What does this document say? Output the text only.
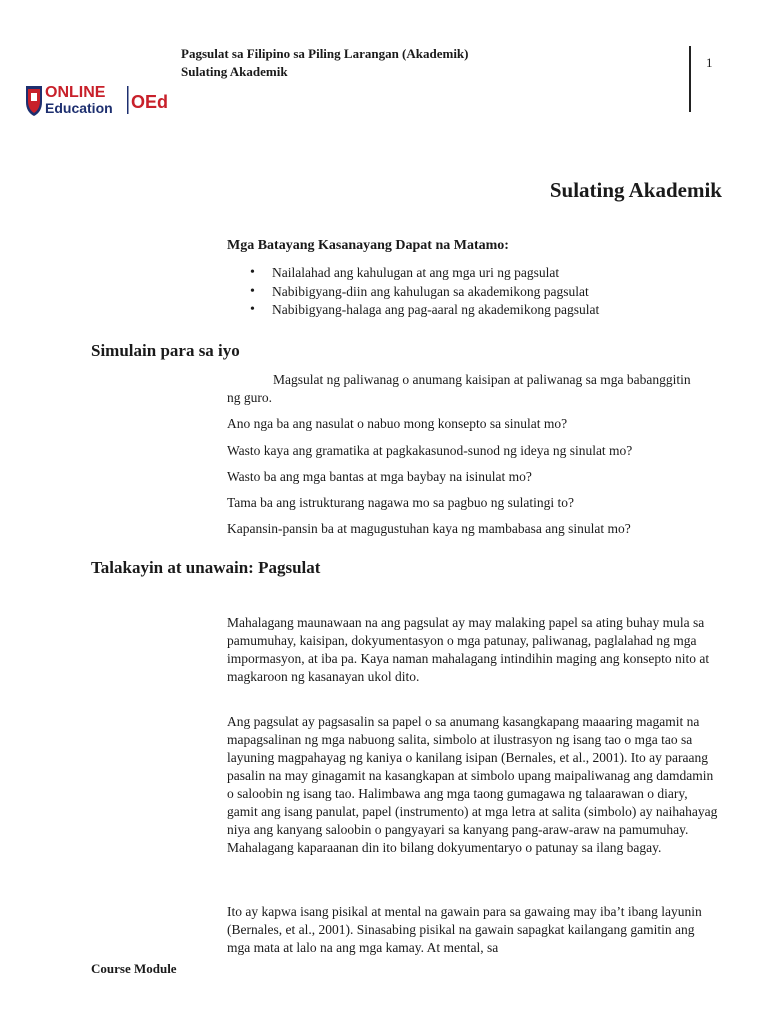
Pagsulat sa Filipino sa Piling Larangan (Akademik)
Sulating Akademik
1
ONLINE
Education OEd
Sulating Akademik
Mga Batayang Kasanayang Dapat na Matamo:
• Nailalahad ang kahulugan at ang mga uri ng pagsulat
• Nabibigyang-diin ang kahulugan sa akademikong pagsulat
• Nabibigyang-halaga ang pag-aaral ng akademikong pagsulat
Simulain para sa iyo

Magsulat ng paliwanag o anumang kaisipan at paliwanag sa mga babanggitin ng guro.

Ano nga ba ang nasulat o nabuo mong konsepto sa sinulat mo?

Wasto kaya ang gramatika at pagkakasunod-sunod ng ideya ng sinulat mo?

Wasto ba ang mga bantas at mga baybay na isinulat mo?

Tama ba ang istrukturang nagawa mo sa pagbuo ng sulatingi to?

Kapansin-pansin ba at magugustuhan kaya ng mambabasa ang sinulat mo?

Talakayin at unawain: Pagsulat

Mahalagang maunawaan na ang pagsulat ay may malaking papel sa ating buhay mula sa pamumuhay, kaisipan, dokyumentasyon o mga patunay, paliwanag, paglalahad ng mga impormasyon, at iba pa. Kaya naman mahalagang intindihin maging ang konsepto nito at magkaroon ng kasanayan ukol dito.

Ang pagsulat ay pagsasalin sa papel o sa anumang kasangkapang maaaring magamit na mapagsalinan ng mga nabuong salita, simbolo at ilustrasyon ng isang tao o mga tao sa layuning magpahayag ng kaniya o kanilang isipan (Bernales, et al., 2001). Ito ay paraang pasalin na may ginagamit na kasangkapan at simbolo upang maipaliwanag ang damdamin o saloobin ng isang tao. Halimbawa ang mga taong gumagawa ng talaarawan o diary, gamit ang isang panulat, papel (instrumento) at mga letra at salita (simbolo) ay naihahayag niya ang kanyang saloobin o pangyayari sa kanyang pang-araw-araw na pamumuhay. Mahalagang kaparaanan din ito bilang dokyumentaryo o patunay sa ilang bagay.

Ito ay kapwa isang pisikal at mental na gawain para sa gawaing may iba’t ibang layunin (Bernales, et al., 2001). Sinasabing pisikal na gawain sapagkat kailangang gamitin ang mga mata at lalo na ang mga kamay. At mental, sa

Course Module
